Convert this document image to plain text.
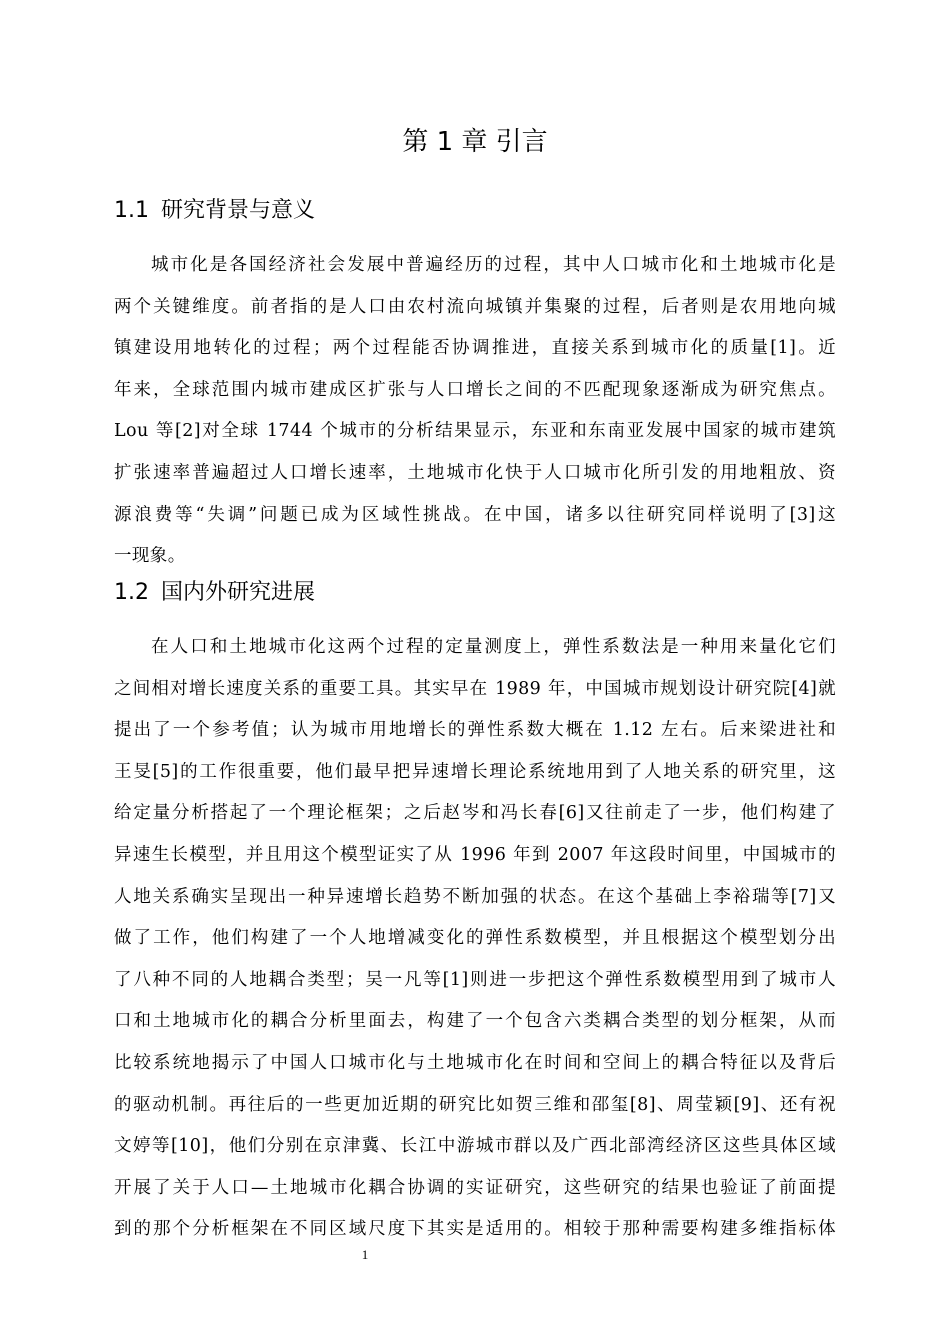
第 1 章 引言
1.1 研究背景与意义
城市化是各国经济社会发展中普遍经历的过程，其中人口城市化和土地城市化是
两个关键维度。前者指的是人口由农村流向城镇并集聚的过程，后者则是农用地向城
镇建设用地转化的过程；两个过程能否协调推进，直接关系到城市化的质量[1]。近
年来，全球范围内城市建成区扩张与人口增长之间的不匹配现象逐渐成为研究焦点。
Lou 等[2]对全球 1744 个城市的分析结果显示，东亚和东南亚发展中国家的城市建筑
扩张速率普遍超过人口增长速率，土地城市化快于人口城市化所引发的用地粗放、资
源浪费等“失调”问题已成为区域性挑战。在中国，诸多以往研究同样说明了[3]这
一现象。
1.2 国内外研究进展
在人口和土地城市化这两个过程的定量测度上，弹性系数法是一种用来量化它们
之间相对增长速度关系的重要工具。其实早在 1989 年，中国城市规划设计研究院[4]就
提出了一个参考值；认为城市用地增长的弹性系数大概在 1.12 左右。后来梁进社和
王旻[5]的工作很重要，他们最早把异速增长理论系统地用到了人地关系的研究里，这
给定量分析搭起了一个理论框架；之后赵岑和冯长春[6]又往前走了一步，他们构建了
异速生长模型，并且用这个模型证实了从 1996 年到 2007 年这段时间里，中国城市的
人地关系确实呈现出一种异速增长趋势不断加强的状态。在这个基础上李裕瑞等[7]又
做了工作，他们构建了一个人地增减变化的弹性系数模型，并且根据这个模型划分出
了八种不同的人地耦合类型；吴一凡等[1]则进一步把这个弹性系数模型用到了城市人
口和土地城市化的耦合分析里面去，构建了一个包含六类耦合类型的划分框架，从而
比较系统地揭示了中国人口城市化与土地城市化在时间和空间上的耦合特征以及背后
的驱动机制。再往后的一些更加近期的研究比如贺三维和邵玺[8]、周莹颖[9]、还有祝
文婷等[10]，他们分别在京津冀、长江中游城市群以及广西北部湾经济区这些具体区域
开展了关于人口—土地城市化耦合协调的实证研究，这些研究的结果也验证了前面提
到的那个分析框架在不同区域尺度下其实是适用的。相较于那种需要构建多维指标体
1
